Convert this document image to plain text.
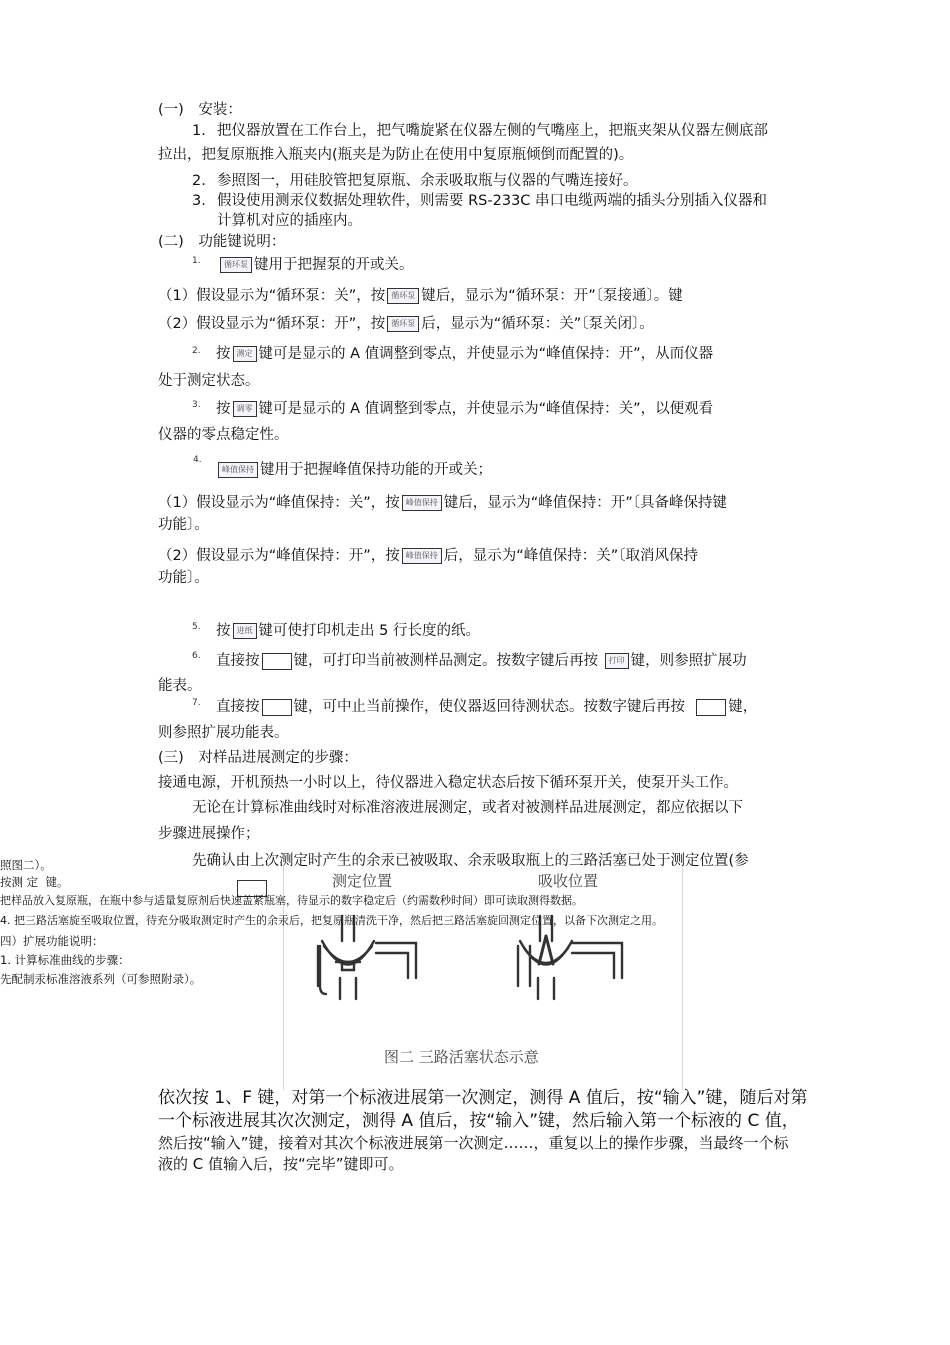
(一)　安装：
1. 把仪器放置在工作台上，把气嘴旋紧在仪器左侧的气嘴座上，把瓶夹架从仪器左侧底部
拉出，把复原瓶推入瓶夹内(瓶夹是为防止在使用中复原瓶倾倒而配置的)。
2. 参照图一，用硅胶管把复原瓶、余汞吸取瓶与仪器的气嘴连接好。
3. 假设使用测汞仪数据处理软件，则需要 RS-233C 串口电缆两端的插头分别插入仪器和
计算机对应的插座内。
(二)　功能键说明：
1.	循环泵 键用于把握泵的开或关。
（1）假设显示为“循环泵：关”，按 循环泵 键后，显示为“循环泵：开”〔泵接通〕。键
（2）假设显示为“循环泵：开”，按 循环泵 后，显示为“循环泵：关”〔泵关闭〕。
2. 按 测定 键可是显示的 A 值调整到零点，并使显示为“峰值保持：开”，从而仪器
处于测定状态。
3. 按 调零 键可是显示的 A 值调整到零点，并使显示为“峰值保持：关”，以便观看
仪器的零点稳定性。
4.
峰值保持 键用于把握峰值保持功能的开或关；
（1）假设显示为“峰值保持：关”，按 峰值保持 键后，显示为“峰值保持：开”〔具备峰保持键
功能〕。
（2）假设显示为“峰值保持：开”，按 峰值保持 后，显示为“峰值保持：关”〔取消风保持
功能〕。
5. 按 进纸 键可使打印机走出 5 行长度的纸。
6. 直接按 键，可打印当前被测样品测定。按数字键后再按 打印 键，则参照扩展功
能表。
7. 直接按 键，可中止当前操作，使仪器返回待测状态。按数字键后再按	键，
则参照扩展功能表。
(三)　对样品进展测定的步骤：
接通电源，开机预热一小时以上，待仪器进入稳定状态后按下循环泵开关，使泵开头工作。
无论在计算标准曲线时对标准溶液进展测定，或者对被测样品进展测定，都应依据以下
步骤进展操作；
先确认由上次测定时产生的余汞已被吸取、余汞吸取瓶上的三路活塞已处于测定位置(参
测定位置	吸收位置
图二 三路活塞状态示意
照图二）。
按测 定 键。
把样品放入复原瓶，在瓶中参与适量复原剂后快速盖紧瓶塞，待显示的数字稳定后（约需数秒时间）即可读取测得数据。
4. 把三路活塞旋至吸取位置，待充分吸取测定时产生的余汞后，把复原瓶清洗干净，然后把三路活塞旋回测定位置，以备下次测定之用。
四）扩展功能说明：
1. 计算标准曲线的步骤：
先配制汞标准溶液系列（可参照附录）。
依次按 1、F 键，对第一个标液进展第一次测定，测得 A 值后，按“输入”键，随后对第
一个标液进展其次次测定，测得 A 值后，按“输入”键，然后输入第一个标液的 C 值，
然后按“输入”键，接着对其次个标液进展第一次测定……，重复以上的操作步骤，当最终一个标
液的 C 值输入后，按“完毕”键即可。
